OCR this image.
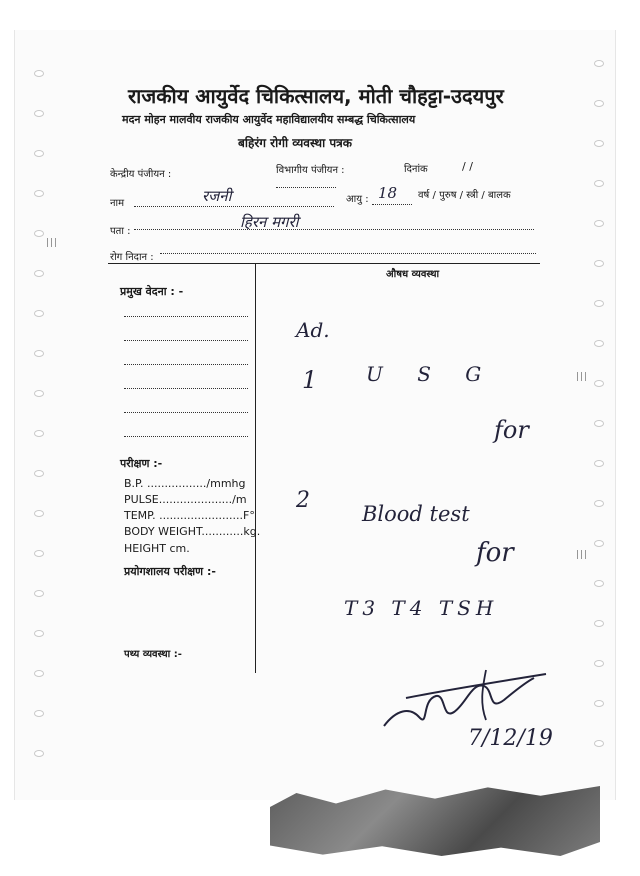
राजकीय आयुर्वेद चिकित्सालय, मोती चौहट्टा-उदयपुर
मदन मोहन मालवीय राजकीय आयुर्वेद महाविद्यालयीय सम्बद्ध चिकित्सालय
बहिरंग रोगी व्यवस्था पत्रक
केन्द्रीय पंजीयन :	विभागीय पंजीयन :	दिनांक	/ /
नाम	रजनी	आयु : 18 वर्ष / पुरुष / स्त्री / बालक
पता :
हिरन मगरी
रोग निदान :
प्रमुख वेदना : -
परीक्षण :-
B.P. ................./mmhg
PULSE...................../m
TEMP. ........................F°
BODY WEIGHT............kg.
HEIGHT cm.
प्रयोगशालय परीक्षण :-
पथ्य व्यवस्था :-
औषध व्यवस्था
Ad.
1 U S G
for
2
Blood test
for
T3 T4 TSH
7/12/19
|||
|||
|||
